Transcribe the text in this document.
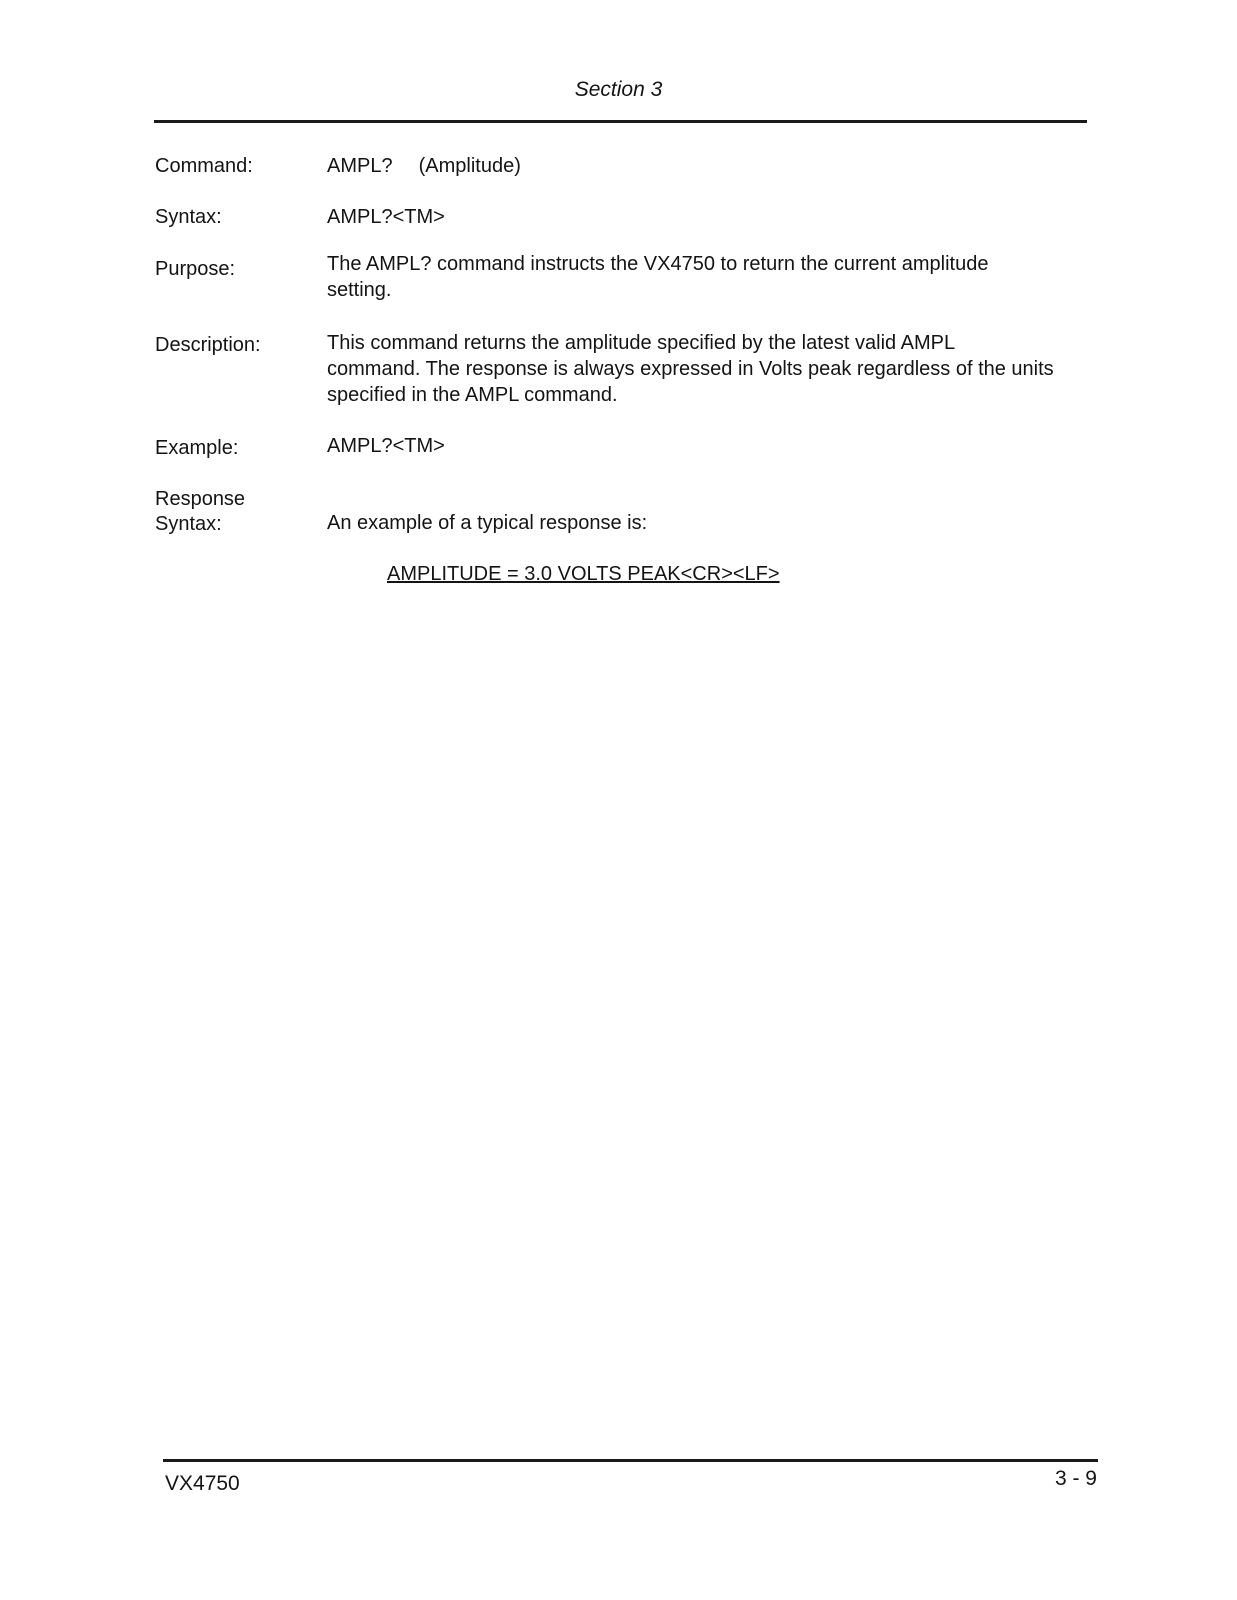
Section 3
Command:	AMPL? (Amplitude)
Syntax:	AMPL?<TM>
Purpose:	The AMPL? command instructs the VX4750 to return the current amplitude
setting.
Description:	This command returns the amplitude specified by the latest valid AMPL
command. The response is always expressed in Volts peak regardless of the units
specified in the AMPL command.
Example:	AMPL?<TM>
Response
Syntax:	An example of a typical response is:
AMPLITUDE = 3.0 VOLTS PEAK<CR><LF>
VX4750	3 - 9
